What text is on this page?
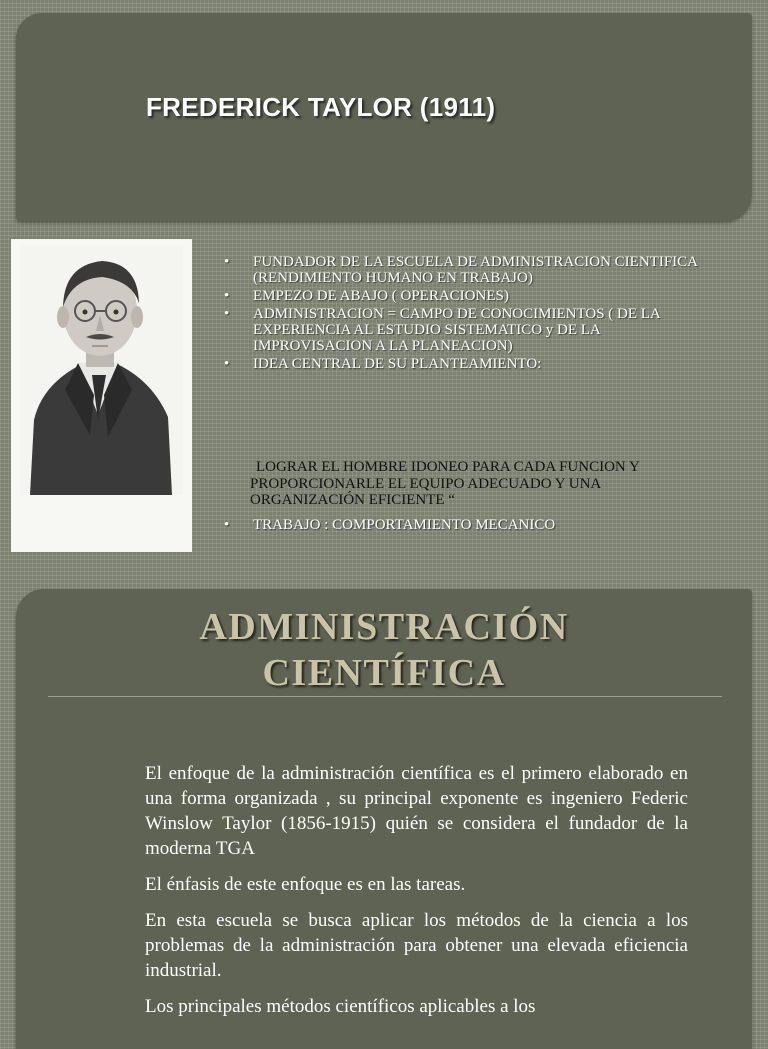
FREDERICK TAYLOR (1911)
• FUNDADOR DE LA ESCUELA DE ADMINISTRACION CIENTIFICA (RENDIMIENTO HUMANO EN TRABAJO)
• EMPEZO DE ABAJO ( OPERACIONES)
• ADMINISTRACION = CAMPO DE CONOCIMIENTOS ( DE LA EXPERIENCIA AL ESTUDIO SISTEMATICO y DE LA IMPROVISACION A LA PLANEACION)
• IDEA CENTRAL DE SU PLANTEAMIENTO:
LOGRAR EL HOMBRE IDONEO PARA CADA FUNCION Y PROPORCIONARLE EL EQUIPO ADECUADO Y UNA ORGANIZACIÓN EFICIENTE “
• TRABAJO : COMPORTAMIENTO MECANICO
ADMINISTRACIÓN
CIENTÍFICA

El enfoque de la administración científica es el primero elaborado en una forma organizada , su principal exponente es ingeniero Federic Winslow Taylor (1856-1915) quién se considera el fundador de la moderna TGA

El énfasis de este enfoque es en las tareas.

En esta escuela se busca aplicar los métodos de la ciencia a los problemas de la administración para obtener una elevada eficiencia industrial.

Los principales métodos científicos aplicables a los
